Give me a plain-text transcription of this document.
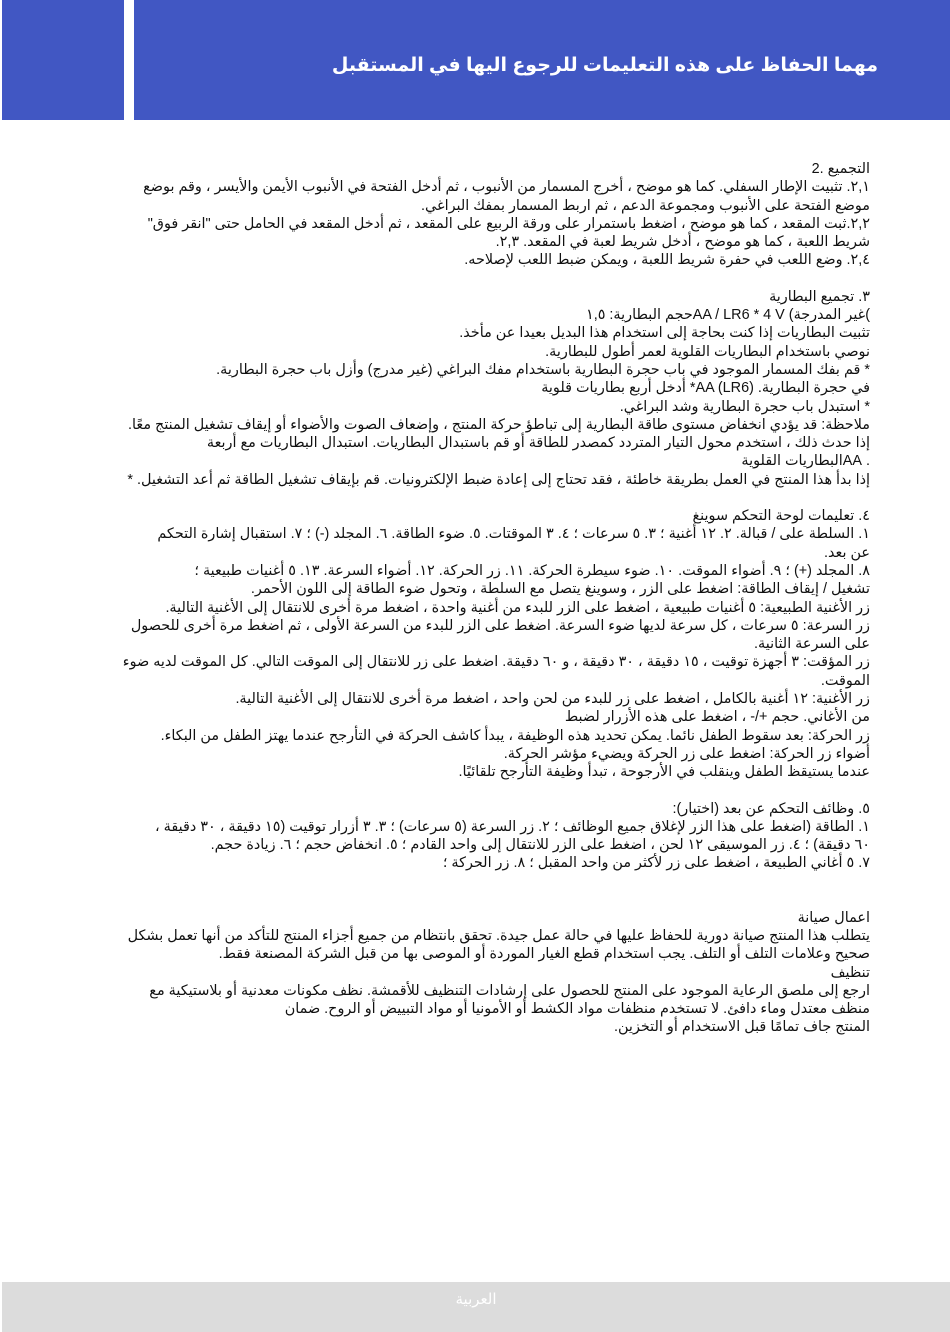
مهما الحفاظ على هذه التعليمات للرجوع اليها في المستقبل

التجميع .2

٢,١. تثبيت الإطار السفلي. كما هو موضح ، أخرج المسمار من الأنبوب ، ثم أدخل الفتحة في الأنبوب الأيمن والأيسر ، وقم بوضع

موضع الفتحة على الأنبوب ومجموعة الدعم ، ثم اربط المسمار بمفك البراغي.

٢,٢.ثبت المقعد ، كما هو موضح ، اضغط باستمرار على ورقة الربيع على المقعد ، ثم أدخل المقعد في الحامل حتى "انقر فوق"

شريط اللعبة ، كما هو موضح ، أدخل شريط لعبة في المقعد. ٢,٣.

٢,٤. وضع اللعب في حفرة شريط اللعبة ، ويمكن ضبط اللعب لإصلاحه.

٣. تجميع البطارية

)غير المدرجة) AA / LR6 * 4 Vحجم البطارية: ١,٥

تثبيت البطاريات إذا كنت بحاجة إلى استخدام هذا البديل بعيدا عن مأخذ.

نوصي باستخدام البطاريات القلوية لعمر أطول للبطارية.

* قم بفك المسمار الموجود في باب حجرة البطارية باستخدام مفك البراغي (غير مدرج) وأزل باب حجرة البطارية.

في حجرة البطارية. AA (LR6)* أدخل أربع بطاريات قلوية

* استبدل باب حجرة البطارية وشد البراغي.

ملاحظة: قد يؤدي انخفاض مستوى طاقة البطارية إلى تباطؤ حركة المنتج ، وإضعاف الصوت والأضواء أو إيقاف تشغيل المنتج معًا.

إذا حدث ذلك ، استخدم محول التيار المتردد كمصدر للطاقة أو قم باستبدال البطاريات. استبدال البطاريات مع أربعة

. AAالبطاريات القلوية

إذا بدأ هذا المنتج في العمل بطريقة خاطئة ، فقد تحتاج إلى إعادة ضبط الإلكترونيات. قم بإيقاف تشغيل الطاقة ثم أعد التشغيل. *

٤. تعليمات لوحة التحكم سوينغ

١. السلطة على / قبالة. ٢. ١٢ أغنية ؛ ٣. ٥ سرعات ؛ ٤. ٣ الموقتات. ٥. ضوء الطاقة. ٦. المجلد (-) ؛ ٧. استقبال إشارة التحكم

عن بعد.

٨. المجلد (+) ؛ ٩. أضواء الموقت. ١٠. ضوء سيطرة الحركة. ١١. زر الحركة. ١٢. أضواء السرعة. ١٣. ٥ أغنيات طبيعية ؛

تشغيل / إيقاف الطاقة: اضغط على الزر ، وسوينغ يتصل مع السلطة ، وتحول ضوء الطاقة إلى اللون الأحمر.

زر الأغنية الطبيعية: ٥ أغنيات طبيعية ، اضغط على الزر للبدء من أغنية واحدة ، اضغط مرة أخرى للانتقال إلى الأغنية التالية.

زر السرعة: ٥ سرعات ، كل سرعة لديها ضوء السرعة. اضغط على الزر للبدء من السرعة الأولى ، ثم اضغط مرة أخرى للحصول

على السرعة الثانية.

زر المؤقت: ٣ أجهزة توقيت ، ١٥ دقيقة ، ٣٠ دقيقة ، و ٦٠ دقيقة. اضغط على زر للانتقال إلى الموقت التالي. كل الموقت لديه ضوء

الموقت.

زر الأغنية: ١٢ أغنية بالكامل ، اضغط على زر للبدء من لحن واحد ، اضغط مرة أخرى للانتقال إلى الأغنية التالية.

من الأغاني. حجم +/- ، اضغط على هذه الأزرار لضبط

زر الحركة: بعد سقوط الطفل نائما. يمكن تحديد هذه الوظيفة ، يبدأ كاشف الحركة في التأرجح عندما يهتز الطفل من البكاء.

أضواء زر الحركة: اضغط على زر الحركة ويضيء مؤشر الحركة.

عندما يستيقظ الطفل وينقلب في الأرجوحة ، تبدأ وظيفة التأرجح تلقائيًا.

٥. وظائف التحكم عن بعد (اختيار):

١. الطاقة (اضغط على هذا الزر لإغلاق جميع الوظائف ؛ ٢. زر السرعة (٥ سرعات) ؛ ٣. ٣ أزرار توقيت (١٥ دقيقة ، ٣٠ دقيقة ،

٦٠ دقيقة) ؛ ٤. زر الموسيقى ١٢ لحن ، اضغط على الزر للانتقال إلى واحد القادم ؛ ٥. انخفاض حجم ؛ ٦. زيادة حجم.

٧. ٥ أغاني الطبيعة ، اضغط على زر لأكثر من واحد المقبل ؛ ٨. زر الحركة ؛

اعمال صيانة

يتطلب هذا المنتج صيانة دورية للحفاظ عليها في حالة عمل جيدة. تحقق بانتظام من جميع أجزاء المنتج للتأكد من أنها تعمل بشكل

صحيح وعلامات التلف أو التلف. يجب استخدام قطع الغيار الموردة أو الموصى بها من قبل الشركة المصنعة فقط.

تنظيف

ارجع إلى ملصق الرعاية الموجود على المنتج للحصول على إرشادات التنظيف للأقمشة. نظف مكونات معدنية أو بلاستيكية مع

منظف معتدل وماء دافئ. لا تستخدم منظفات مواد الكشط أو الأمونيا أو مواد التبييض أو الروح. ضمان

المنتج جاف تمامًا قبل الاستخدام أو التخزين.

العربية
